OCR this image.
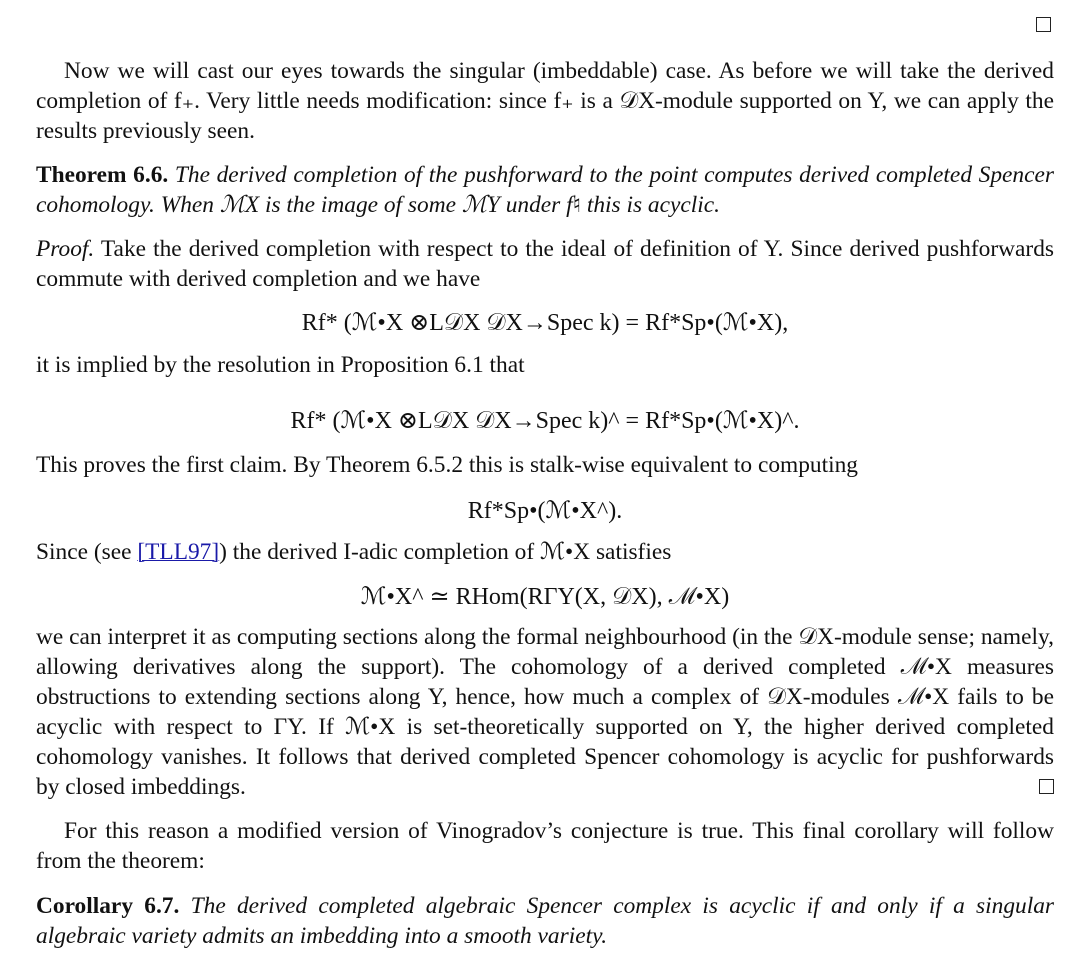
Now we will cast our eyes towards the singular (imbeddable) case. As before we will take the derived completion of f₊. Very little needs modification: since f₊ is a 𝒟X-module supported on Y, we can apply the results previously seen.

Theorem 6.6. The derived completion of the pushforward to the point computes derived completed Spencer cohomology. When ℳX is the image of some ℳY under f♮ this is acyclic.

Proof. Take the derived completion with respect to the ideal of definition of Y. Since derived pushforwards commute with derived completion and we have

Rf* (ℳ•X ⊗L𝒟X 𝒟X→Spec k) = Rf*Sp•(ℳ•X),

it is implied by the resolution in Proposition 6.1 that

Rf* (ℳ•X ⊗L𝒟X 𝒟X→Spec k)^ = Rf*Sp•(ℳ•X)^.

This proves the first claim. By Theorem 6.5.2 this is stalk-wise equivalent to computing

Rf*Sp•(ℳ•X^).

Since (see [TLL97]) the derived I-adic completion of ℳ•X satisfies

ℳ•X^ ≃ RHom(RΓY(X, 𝒟X), ℳ•X)

we can interpret it as computing sections along the formal neighbourhood (in the 𝒟X-module sense; namely, allowing derivatives along the support). The cohomology of a derived completed ℳ•X measures obstructions to extending sections along Y, hence, how much a complex of 𝒟X-modules ℳ•X fails to be acyclic with respect to ΓY. If ℳ•X is set-theoretically supported on Y, the higher derived completed cohomology vanishes. It follows that derived completed Spencer cohomology is acyclic for pushforwards by closed imbeddings.

For this reason a modified version of Vinogradov’s conjecture is true. This final corollary will follow from the theorem:

Corollary 6.7. The derived completed algebraic Spencer complex is acyclic if and only if a singular algebraic variety admits an imbedding into a smooth variety.
